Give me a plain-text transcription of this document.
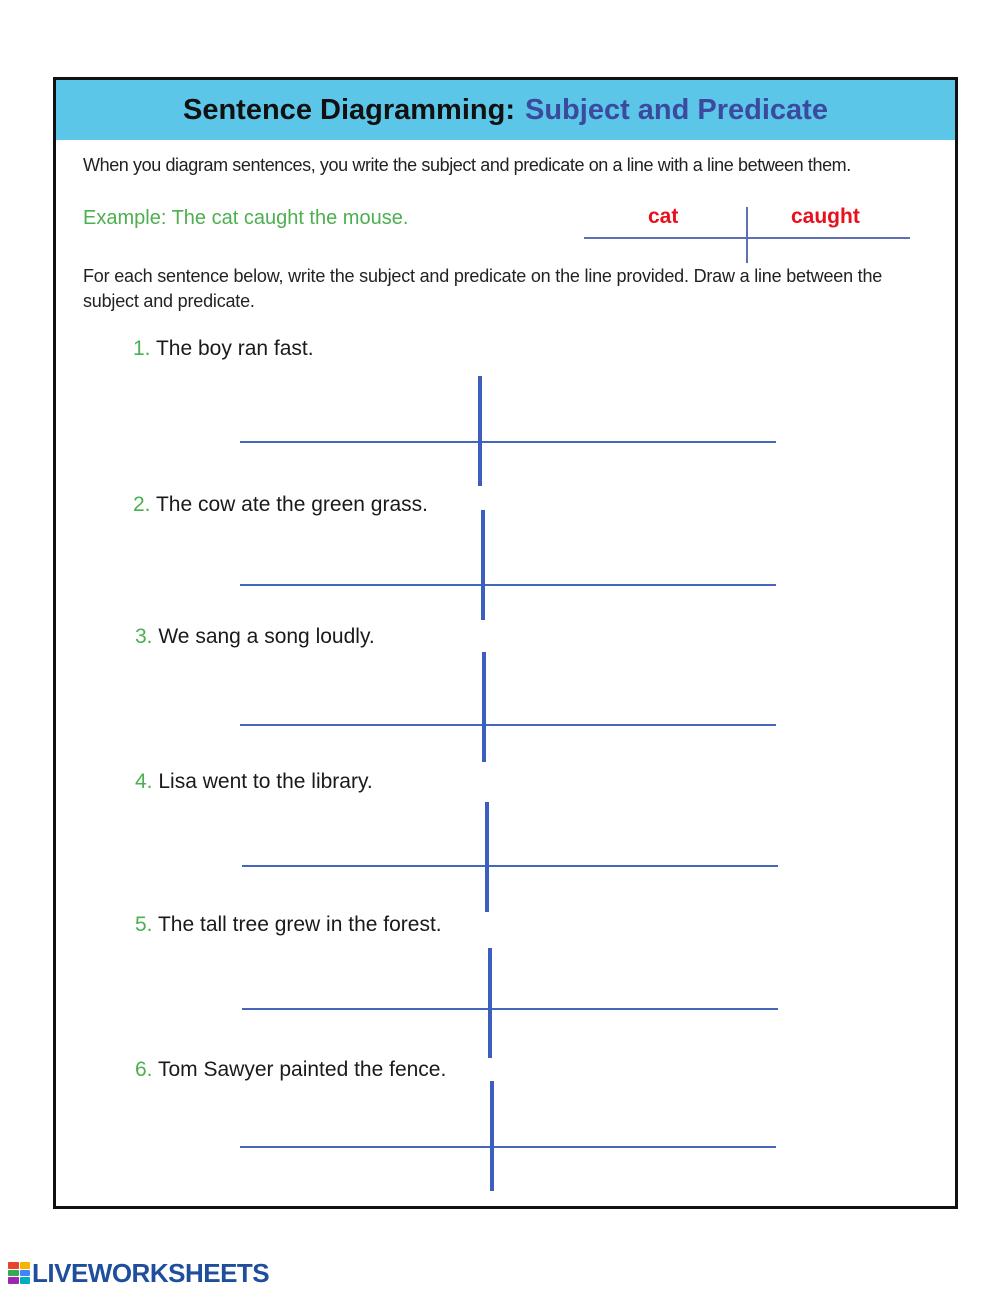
Sentence Diagramming: Subject and Predicate
When you diagram sentences, you write the subject and predicate on a line with a line between them.
Example: The cat caught the mouse.	cat	caught
For each sentence below, write the subject and predicate on the line provided. Draw a line between the subject and predicate.
1. The boy ran fast.
2. The cow ate the green grass.
3. We sang a song loudly.
4. Lisa went to the library.
5. The tall tree grew in the forest.
6. Tom Sawyer painted the fence.
LIVEWORKSHEETS
